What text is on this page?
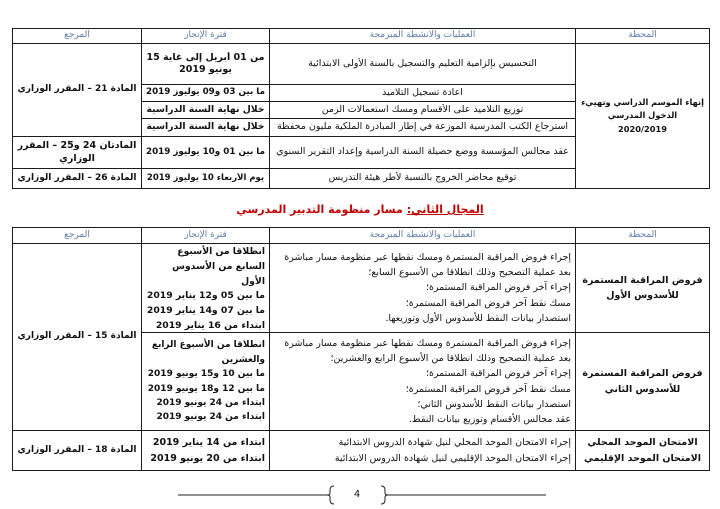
المحطة
العمليات والأنشطة المبرمجة
فترة الإنجاز
المرجع
إنهاء الموسم الدراسي وتهييء
الدخول المدرسي
2020/2019
التحسيس بإلزامية التعليم والتسجيل بالسنة الأولى الابتدائية
من 01 أبريل إلى غاية 15 يونيو 2019
اعادة تسجيل التلاميذ
ما بين 03 و09 يوليوز 2019
توزيع التلاميذ على الأقسام ومسك استعمالات الزمن
خلال نهاية السنة الدراسية
استرجاع الكتب المدرسية الموزعة في إطار المبادرة الملكية مليون محفظة
خلال نهاية السنة الدراسية
عقد مجالس المؤسسة ووضع حصيلة السنة الدراسية وإعداد التقرير السنوي
ما بين 01 و10 يوليوز 2019
توقيع محاضر الخروج بالنسبة لأطر هيئة التدريس
يوم الأربعاء 10 يوليوز 2019
المادة 21 – المقرر الوزاري
المادتان 24 و25 – المقرر الوزاري
المادة 26 – المقرر الوزاري
المجال الثاني:مسار منظومة التدبير المدرسي
المحطة
العمليات والأنشطة المبرمجة
فترة الإنجاز
المرجع
فروض المراقبة المستمرة
للأسدوس الأول
إجراء فروض المراقبة المستمرة ومسك نقطها عبر منظومة مسار مباشرة بعد عملية التصحيح وذلك انطلاقا من الأسبوع السابع؛
إجراء آخر فروض المراقبة المستمرة؛
مسك نقط آخر فروض المراقبة المستمرة؛
استصدار بيانات النقط للأسدوس الأول وتوزيعها.
انطلاقا من الأسبوع السابع من الأسدوس الأول
ما بين 05 و12 يناير 2019
ما بين 07 و14 يناير 2019
ابتداء من 16 يناير 2019
فروض المراقبة المستمرة
للأسدوس الثاني
إجراء فروض المراقبة المستمرة ومسك نقطها عبر منظومة مسار مباشرة بعد عملية التصحيح وذلك انطلاقا من الأسبوع الرابع والعشرين؛
إجراء آخر فروض المراقبة المستمرة؛
مسك نقط آخر فروض المراقبة المستمرة؛
استصدار بيانات النقط للأسدوس الثاني؛
عقد مجالس الأقسام وتوزيع بيانات النقط.
انطلاقا من الأسبوع الرابع والعشرين
ما بين 10 و15 يونيو 2019
ما بين 12 و18 يونيو 2019
ابتداء من 24 يونيو 2019
ابتداء من 24 يونيو 2019
المادة 15 – المقرر الوزاري
الامتحان الموحد المحلي
الامتحان الموحد الإقليمي
إجراء الامتحان الموحد المحلي لنيل شهادة الدروس الابتدائية
إجراء الامتحان الموحد الإقليمي لنيل شهادة الدروس الابتدائية
ابتداء من 14 يناير 2019
ابتداء من 20 يونيو 2019
المادة 18 – المقرر الوزاري
4
